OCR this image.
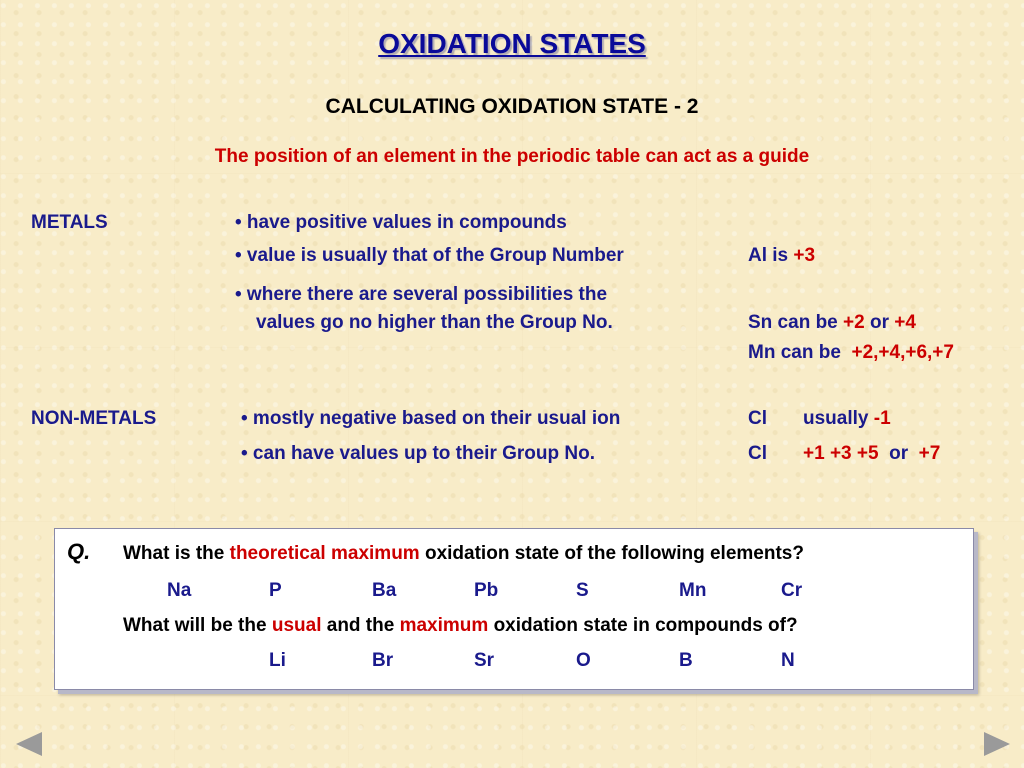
OXIDATION STATES
CALCULATING OXIDATION STATE - 2
The position of an element in the periodic table can act as a guide
METALS	• have positive values in compounds
• value is usually that of the Group Number	Al is +3
• where there are several possibilities the
values go no higher than the Group No.	Sn can be +2 or +4
Mn can be  +2,+4,+6,+7
NON-METALS	• mostly negative based on their usual ion	Cl usually -1
• can have values up to their Group No.	Cl +1 +3 +5  or  +7
Q. What is the theoretical maximum oxidation state of the following elements?
Na	P	Ba	Pb	S	Mn	Cr
What will be the usual and the maximum oxidation state in compounds of?
Li	Br	Sr	O	B	N
